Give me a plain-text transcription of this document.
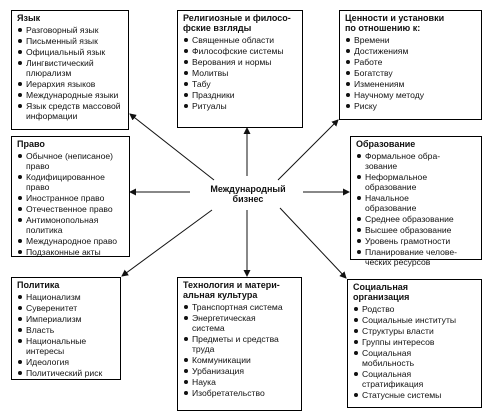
Международный
бизнес
Язык
Разговорный язык
Письменный язык
Официальный язык
Лингвистический
плюрализм
Иерархия языков
Международные языки
Язык средств массовой
информации
Религиозные и филосо-
фские взгляды
Священные области
Философские системы
Верования и нормы
Молитвы
Табу
Праздники
Ритуалы
Ценности и установки
по отношению к:
Времени
Достижениям
Работе
Богатству
Изменениям
Научному методу
Риску
Право
Обычное (неписаное)
право
Кодифицированное
право
Иностранное право
Отечественное право
Антимонопольная
политика
Международное право
Подзаконные акты
Образование
Формальное обра-
зование
Неформальное
образование
Начальное
образование
Среднее образование
Высшее образование
Уровень грамотности
Планирование челове-
ческих ресурсов
Политика
Национализм
Суверенитет
Империализм
Власть
Национальные
интересы
Идеология
Политический риск
Технология и матери-
альная культура
Транспортная система
Энергетическая
система
Предметы и средства
труда
Коммуникации
Урбанизация
Наука
Изобретательство
Социальная
организация
Родство
Социальные институты
Структуры власти
Группы интересов
Социальная
мобильность
Социальная
стратификация
Статусные системы
